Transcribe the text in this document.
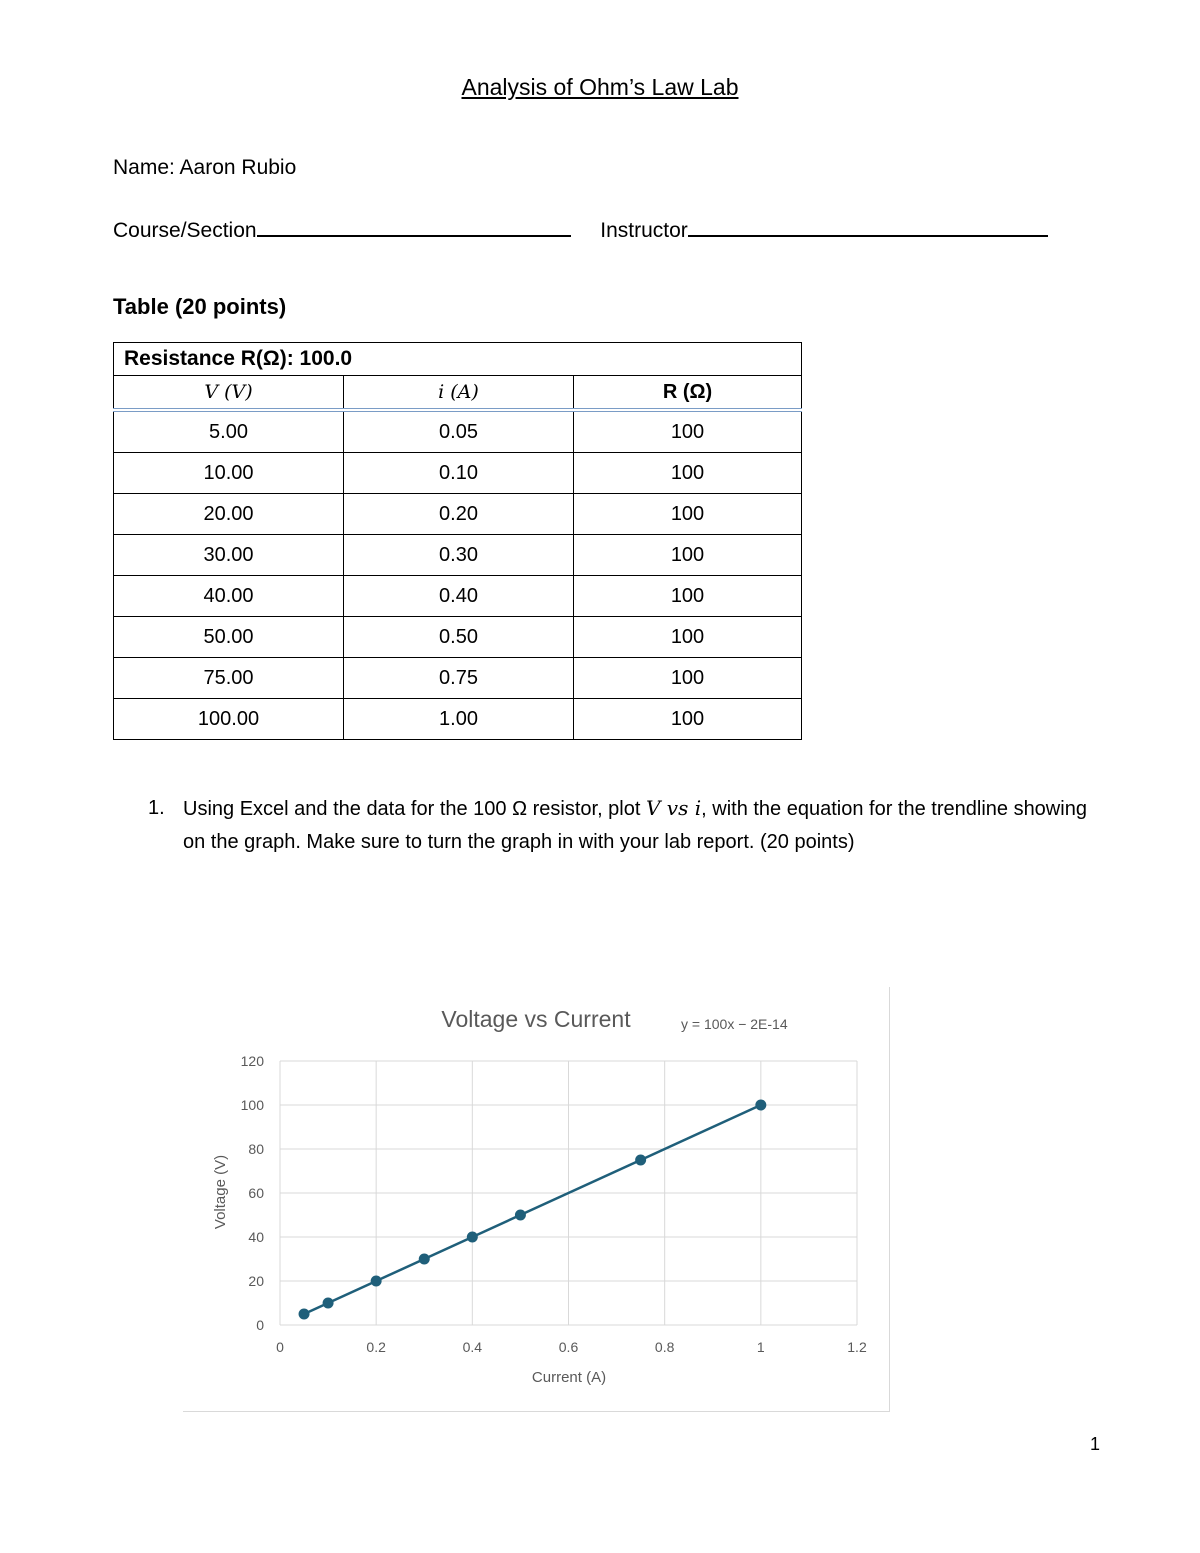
Analysis of Ohm’s Law Lab
Name: Aaron Rubio
Course/Section	Instructor
Table (20 points)
Resistance R(Ω): 100.0		
V (V)	i (A)	R (Ω)
5.00	0.05	100
10.00	0.10	100
20.00	0.20	100
30.00	0.30	100
40.00	0.40	100
50.00	0.50	100
75.00	0.75	100
100.00	1.00	100
1. Using Excel and the data for the 100 Ω resistor, plot V vs i, with the equation for the trendline showing on the graph. Make sure to turn the graph in with your lab report. (20 points)
0
20
40
60
80
100
120
0	0.2	0.4	0.6	0.8	1	1.2
Voltage vs Current	y = 100x − 2E-14
Current (A)
Voltage (V)
1
